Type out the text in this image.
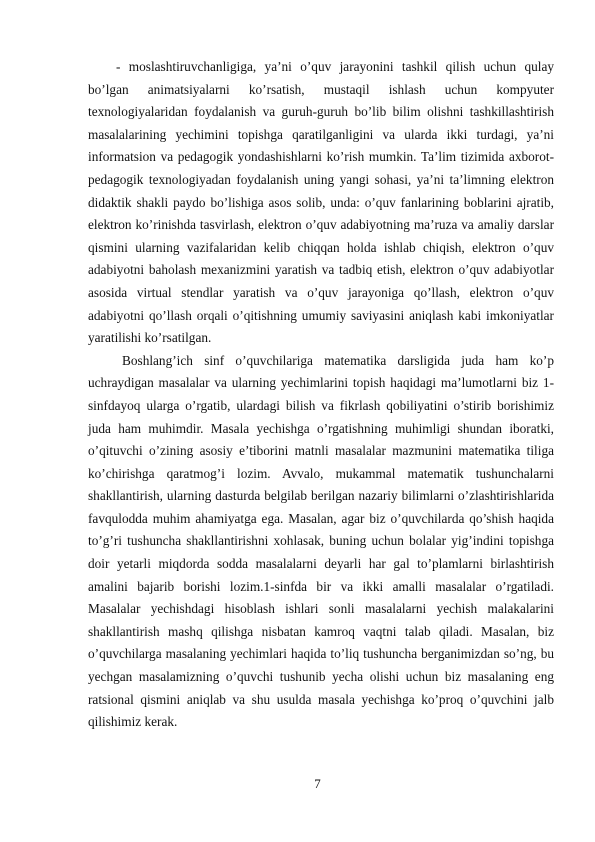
- moslashtiruvchanligiga, ya’ni o’quv jarayonini tashkil qilish uchun qulay bo’lgan animatsiyalarni ko’rsatish, mustaqil ishlash uchun kompyuter texnologiyalaridan foydalanish va guruh-guruh bo’lib bilim olishni tashkillashtirish masalalarining yechimini topishga qaratilganligini va ularda ikki turdagi, ya’ni informatsion va pedagogik yondashishlarni ko’rish mumkin. Ta’lim tizimida axborot-pedagogik texnologiyadan foydalanish uning yangi sohasi, ya’ni ta’limning elektron didaktik shakli paydo bo’lishiga asos solib, unda: o’quv fanlarining boblarini ajratib, elektron ko’rinishda tasvirlash, elektron o’quv adabiyotning ma’ruza va amaliy darslar qismini ularning vazifalaridan kelib chiqqan holda ishlab chiqish, elektron o’quv adabiyotni baholash mexanizmini yaratish va tadbiq etish, elektron o’quv adabiyotlar asosida virtual stendlar yaratish va o’quv jarayoniga qo’llash, elektron o’quv adabiyotni qo’llash orqali o’qitishning umumiy saviyasini aniqlash kabi imkoniyatlar yaratilishi ko’rsatilgan.

Boshlang’ich sinf o’quvchilariga matematika darsligida juda ham ko’p uchraydigan masalalar va ularning yechimlarini topish haqidagi ma’lumotlarni biz 1-sinfdayoq ularga o’rgatib, ulardagi bilish va fikrlash qobiliyatini o’stirib borishimiz juda ham muhimdir. Masala yechishga o’rgatishning muhimligi shundan iboratki, o’qituvchi o’zining asosiy e’tiborini matnli masalalar mazmunini matematika tiliga ko’chirishga qaratmog’i lozim. Avvalo, mukammal matematik tushunchalarni shakllantirish, ularning dasturda belgilab berilgan nazariy bilimlarni o’zlashtirishlarida favqulodda muhim ahamiyatga ega. Masalan, agar biz o’quvchilarda qo’shish haqida to’g’ri tushuncha shakllantirishni xohlasak, buning uchun bolalar yig’indini topishga doir yetarli miqdorda sodda masalalarni deyarli har gal to’plamlarni birlashtirish amalini bajarib borishi lozim.1-sinfda bir va ikki amalli masalalar o’rgatiladi. Masalalar yechishdagi hisoblash ishlari sonli masalalarni yechish malakalarini shakllantirish mashq qilishga nisbatan kamroq vaqtni talab qiladi. Masalan, biz o’quvchilarga masalaning yechimlari haqida to’liq tushuncha berganimizdan so’ng, bu yechgan masalamizning o’quvchi tushunib yecha olishi uchun biz masalaning eng ratsional qismini aniqlab va shu usulda masala yechishga ko’proq o’quvchini jalb qilishimiz kerak.

7
